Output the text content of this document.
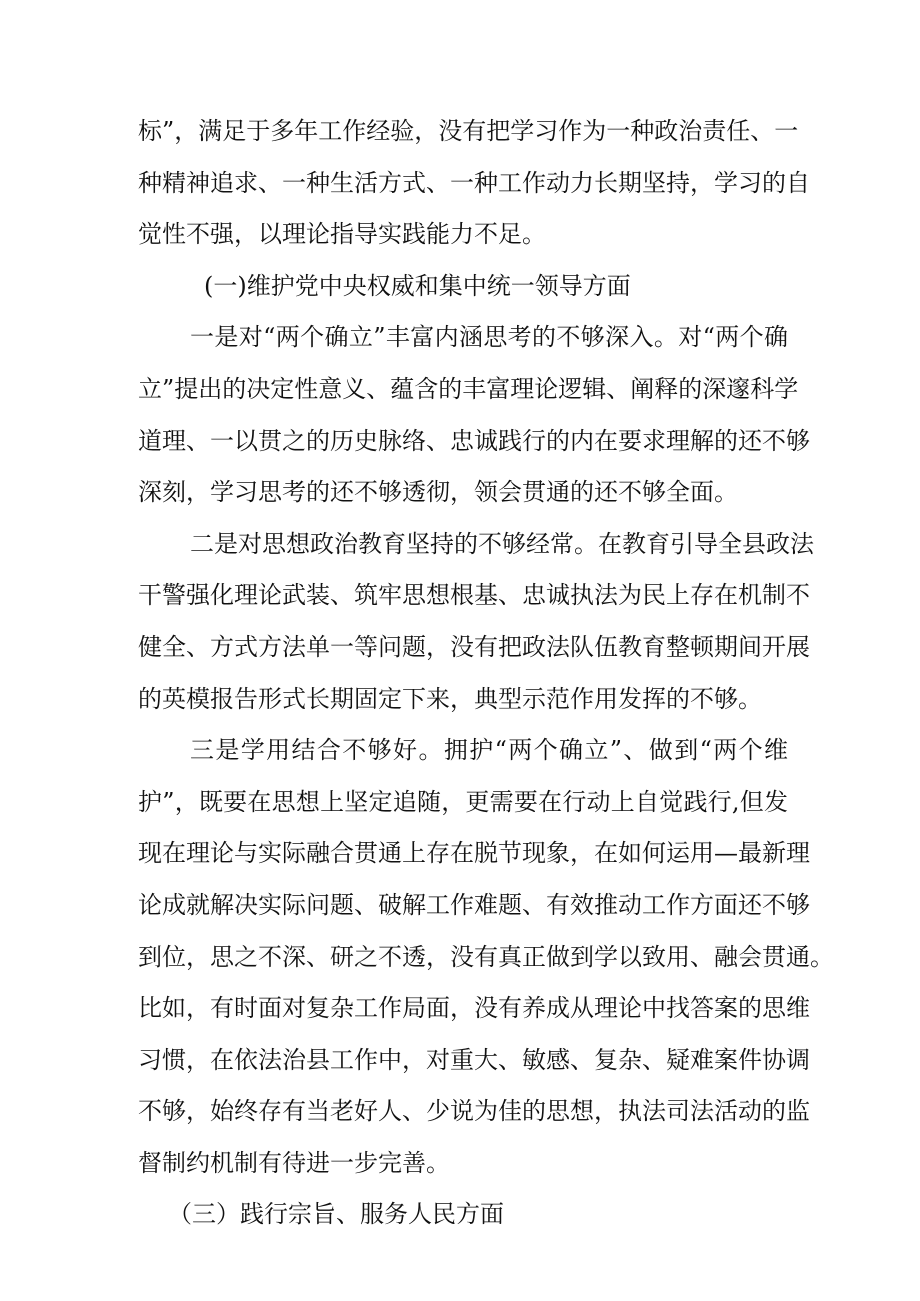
标”，满足于多年工作经验，没有把学习作为一种政治责任、一
种精神追求、一种生活方式、一种工作动力长期坚持，学习的自
觉性不强，以理论指导实践能力不足。
(一)维护党中央权威和集中统一领导方面
一是对“两个确立”丰富内涵思考的不够深入。对“两个确
立”提出的决定性意义、蕴含的丰富理论逻辑、阐释的深邃科学
道理、一以贯之的历史脉络、忠诚践行的内在要求理解的还不够
深刻，学习思考的还不够透彻，领会贯通的还不够全面。
二是对思想政治教育坚持的不够经常。在教育引导全县政法
干警强化理论武装、筑牢思想根基、忠诚执法为民上存在机制不
健全、方式方法单一等问题，没有把政法队伍教育整顿期间开展
的英模报告形式长期固定下来，典型示范作用发挥的不够。
三是学用结合不够好。拥护“两个确立”、做到“两个维
护”，既要在思想上坚定追随，更需要在行动上自觉践行,但发
现在理论与实际融合贯通上存在脱节现象，在如何运用—最新理
论成就解决实际问题、破解工作难题、有效推动工作方面还不够
到位，思之不深、研之不透，没有真正做到学以致用、融会贯通。
比如，有时面对复杂工作局面，没有养成从理论中找答案的思维
习惯，在依法治县工作中，对重大、敏感、复杂、疑难案件协调
不够，始终存有当老好人、少说为佳的思想，执法司法活动的监
督制约机制有待进一步完善。
（三）践行宗旨、服务人民方面
